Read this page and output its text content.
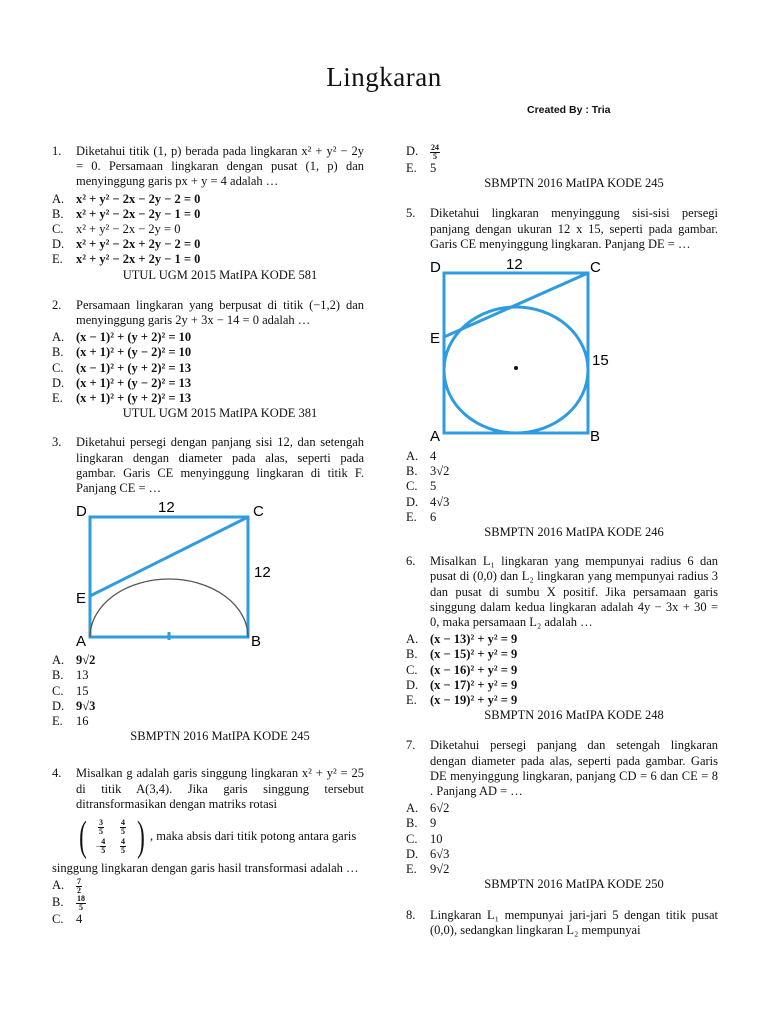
Lingkaran
Created By : Tria
1. Diketahui titik (1, p) berada pada lingkaran x² + y² − 2y = 0. Persamaan lingkaran dengan pusat (1, p) dan menyinggung garis px + y = 4 adalah …
A. x² + y² − 2x − 2y − 2 = 0
B. x² + y² − 2x − 2y − 1 = 0
C. x² + y² − 2x − 2y = 0
D. x² + y² − 2x + 2y − 2 = 0
E. x² + y² − 2x + 2y − 1 = 0
UTUL UGM 2015 MatIPA KODE 581
2. Persamaan lingkaran yang berpusat di titik (−1,2) dan menyinggung garis 2y + 3x − 14 = 0 adalah …
A. (x − 1)² + (y + 2)² = 10
B. (x + 1)² + (y − 2)² = 10
C. (x − 1)² + (y + 2)² = 13
D. (x + 1)² + (y − 2)² = 13
E. (x + 1)² + (y + 2)² = 13
UTUL UGM 2015 MatIPA KODE 381
3. Diketahui persegi dengan panjang sisi 12, dan setengah lingkaran dengan diameter pada alas, seperti pada gambar. Garis CE menyinggung lingkaran di titik F. Panjang CE = …
D	C
E
A	B
12
12
A. 9√2
B. 13
C. 15
D. 9√3
E. 16
SBMPTN 2016 MatIPA KODE 245
4. Misalkan g adalah garis singgung lingkaran x² + y² = 25 di titik A(3,4). Jika garis singgung tersebut ditransformasikan dengan matriks rotasi
( $\frac{3}{5} \frac{4}{5}$
− $\frac{4}{5} \frac{4}{5}$ ) , maka absis dari titik potong antara garis
singgung lingkaran dengan garis hasil transformasi adalah …
A. $\frac{7}{2}$
B. $\frac{18}{5}$
C. 4
D. $\frac{24}{5}$
E. 5
SBMPTN 2016 MatIPA KODE 245
5. Diketahui lingkaran menyinggung sisi-sisi persegi panjang dengan ukuran 12 x 15, seperti pada gambar. Garis CE menyinggung lingkaran. Panjang DE = …
D	C
E
A	B
12
15
A. 4
B. 3√2
C. 5
D. 4√3
E. 6
SBMPTN 2016 MatIPA KODE 246
6. Misalkan L₁ lingkaran yang mempunyai radius 6 dan pusat di (0,0) dan L₂ lingkaran yang mempunyai radius 3 dan pusat di sumbu X positif. Jika persamaan garis singgung dalam kedua lingkaran adalah 4y − 3x + 30 = 0, maka persamaan L₂ adalah …
A. (x − 13)² + y² = 9
B. (x − 15)² + y² = 9
C. (x − 16)² + y² = 9
D. (x − 17)² + y² = 9
E. (x − 19)² + y² = 9
SBMPTN 2016 MatIPA KODE 248
7. Diketahui persegi panjang dan setengah lingkaran dengan diameter pada alas, seperti pada gambar. Garis DE menyinggung lingkaran, panjang CD = 6 dan CE = 8 . Panjang AD = …
A. 6√2
B. 9
C. 10
D. 6√3
E. 9√2
SBMPTN 2016 MatIPA KODE 250
8. Lingkaran L₁ mempunyai jari-jari 5 dengan titik pusat (0,0), sedangkan lingkaran L₂ mempunyai
